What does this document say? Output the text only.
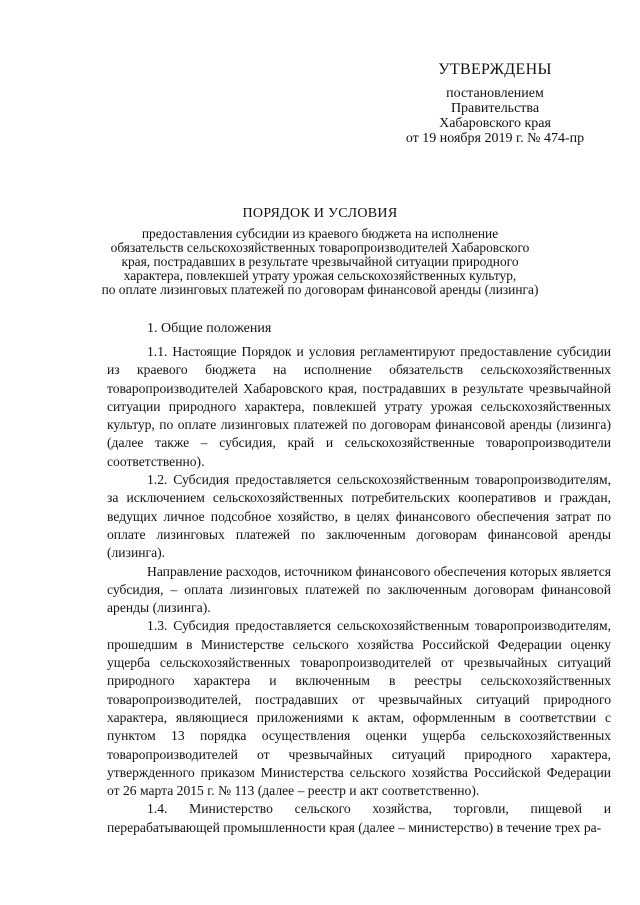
УТВЕРЖДЕНЫ
постановлением
Правительства
Хабаровского края
от 19 ноября 2019 г. № 474-пр
ПОРЯДОК И УСЛОВИЯ
предоставления субсидии из краевого бюджета на исполнение
обязательств сельскохозяйственных товаропроизводителей Хабаровского
края, пострадавших в результате чрезвычайной ситуации природного
характера, повлекшей утрату урожая сельскохозяйственных культур,
по оплате лизинговых платежей по договорам финансовой аренды (лизинга)
1. Общие положения

1.1. Настоящие Порядок и условия регламентируют предоставление субсидии из краевого бюджета на исполнение обязательств сельскохозяйственных товаропроизводителей Хабаровского края, пострадавших в результате чрезвычайной ситуации природного характера, повлекшей утрату урожая сельскохозяйственных культур, по оплате лизинговых платежей по договорам финансовой аренды (лизинга) (далее также – субсидия, край и сельскохозяйственные товаропроизводители соответственно).

1.2. Субсидия предоставляется сельскохозяйственным товаропроизводителям, за исключением сельскохозяйственных потребительских кооперативов и граждан, ведущих личное подсобное хозяйство, в целях финансового обеспечения затрат по оплате лизинговых платежей по заключенным договорам финансовой аренды (лизинга).

Направление расходов, источником финансового обеспечения которых является субсидия, – оплата лизинговых платежей по заключенным договорам финансовой аренды (лизинга).

1.3. Субсидия предоставляется сельскохозяйственным товаропроизводителям, прошедшим в Министерстве сельского хозяйства Российской Федерации оценку ущерба сельскохозяйственных товаропроизводителей от чрезвычайных ситуаций природного характера и включенным в реестры сельскохозяйственных товаропроизводителей, пострадавших от чрезвычайных ситуаций природного характера, являющиеся приложениями к актам, оформленным в соответствии с пунктом 13 порядка осуществления оценки ущерба сельскохозяйственных товаропроизводителей от чрезвычайных ситуаций природного характера, утвержденного приказом Министерства сельского хозяйства Российской Федерации от 26 марта 2015 г. № 113 (далее – реестр и акт соответственно).

1.4. Министерство сельского хозяйства, торговли, пищевой и перерабатывающей промышленности края (далее – министерство) в течение трех ра-
